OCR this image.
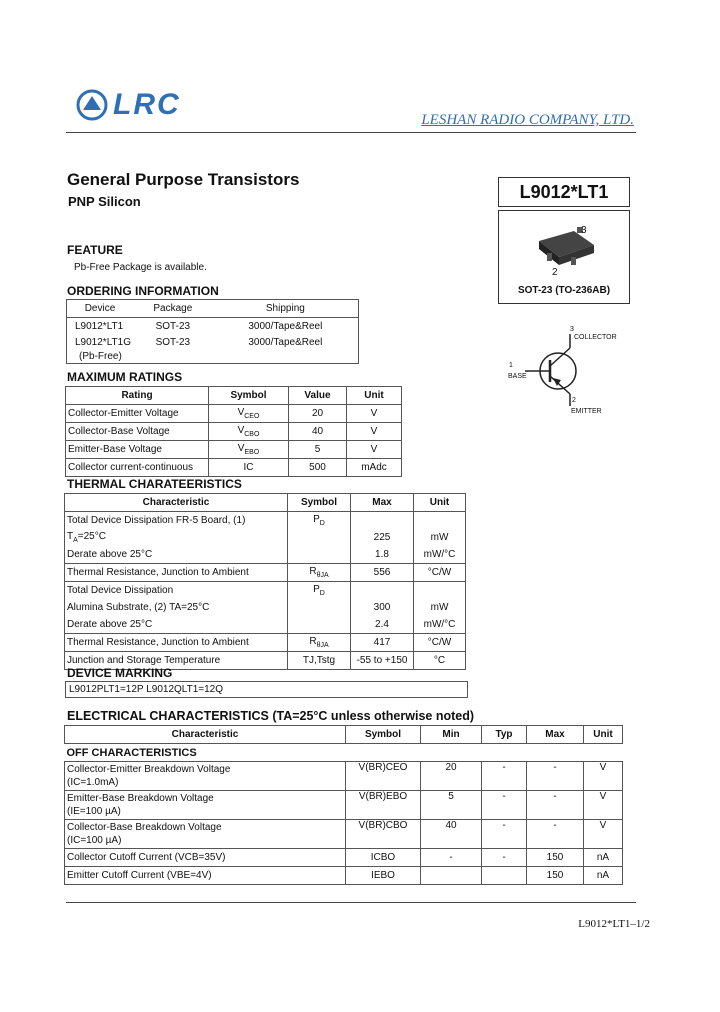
LRC	LESHAN RADIO COMPANY, LTD.
General Purpose Transistors
PNP Silicon	L9012*LT1
3
2
SOT-23 (TO-236AB)
3
COLLECTOR
1
BASE
2
EMITTER
FEATURE
Pb-Free Package is available.
ORDERING INFORMATION
Device	Package	Shipping
L9012*LT1	SOT-23	3000/Tape&Reel
L9012*LT1G	SOT-23	3000/Tape&Reel
(Pb-Free)		
MAXIMUM RATINGS
Rating	Symbol	Value	Unit
Collector-Emitter Voltage	$V_{CEO}$	20	V
Collector-Base Voltage	$V_{CBO}$	40	V
Emitter-Base Voltage	$V_{EBO}$	5	V
Collector current-continuous	IC	500	mAdc
THERMAL CHARATEERISTICS
Characteristic	Symbol	Max	Unit
Total Device Dissipation FR-5 Board, (1)	$P_D$		
$T_A=25^\circ C$		225	mW
Derate above 25°C		1.8	mW/°C
Thermal Resistance, Junction to Ambient	$R_{\theta JA}$	556	°C/W
Total Device Dissipation	$P_D$		
Alumina Substrate, (2) TA=25°C		300	mW
Derate above 25°C		2.4	mW/°C
Thermal Resistance, Junction to Ambient	$R_{\theta JA}$	417	°C/W
Junction and Storage Temperature	TJ,Tstg	-55 to +150	°C
DEVICE MARKING
L9012PLT1=12P L9012QLT1=12Q
ELECTRICAL CHARACTERISTICS (TA=25°C unless otherwise noted)
Characteristic	Symbol	Min	Typ	Max	Unit
OFF CHARACTERISTICS					

Collector-Emitter Breakdown Voltage
(IC=1.0mA)	V(BR)CEO	20	-	-	V

Emitter-Base Breakdown Voltage
(IE=100 µA)	V(BR)EBO	5	-	-	V

Collector-Base Breakdown Voltage
(IC=100 µA)	V(BR)CBO	40	-	-	V
Collector Cutoff Current (VCB=35V)	ICBO	-	-	150	nA
Emitter Cutoff Current (VBE=4V)	IEBO			150	nA
L9012*LT1–1/2
